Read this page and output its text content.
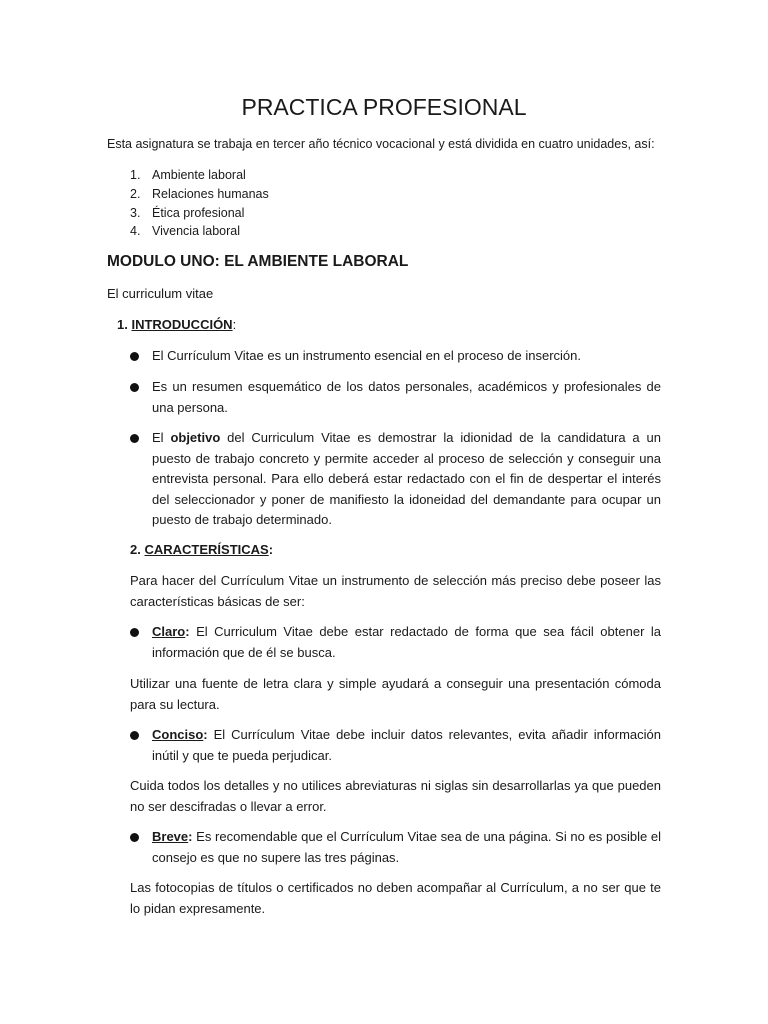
PRACTICA PROFESIONAL

Esta asignatura se trabaja en tercer año técnico vocacional y está dividida en cuatro unidades, así:

1. Ambiente laboral
2. Relaciones humanas
3. Ética profesional
4. Vivencia laboral
MODULO UNO: EL AMBIENTE LABORAL

El curriculum vitae

1. INTRODUCCIÓN:
El Currículum Vitae es un instrumento esencial en el proceso de inserción.
Es un resumen esquemático de los datos personales, académicos y profesionales de una persona.
El objetivo del Curriculum Vitae es demostrar la idionidad de la candidatura a un puesto de trabajo concreto y permite acceder al proceso de selección y conseguir una entrevista personal. Para ello deberá estar redactado con el fin de despertar el interés del seleccionador y poner de manifiesto la idoneidad del demandante para ocupar un puesto de trabajo determinado.
2. CARACTERÍSTICAS:

Para hacer del Currículum Vitae un instrumento de selección más preciso debe poseer las características básicas de ser:

Claro: El Curriculum Vitae debe estar redactado de forma que sea fácil obtener la información que de él se busca.

Utilizar una fuente de letra clara y simple ayudará a conseguir una presentación cómoda para su lectura.

Conciso: El Currículum Vitae debe incluir datos relevantes, evita añadir información inútil y que te pueda perjudicar.

Cuida todos los detalles y no utilices abreviaturas ni siglas sin desarrollarlas ya que pueden no ser descifradas o llevar a error.

Breve: Es recomendable que el Currículum Vitae sea de una página. Si no es posible el consejo es que no supere las tres páginas.

Las fotocopias de títulos o certificados no deben acompañar al Currículum, a no ser que te lo pidan expresamente.
